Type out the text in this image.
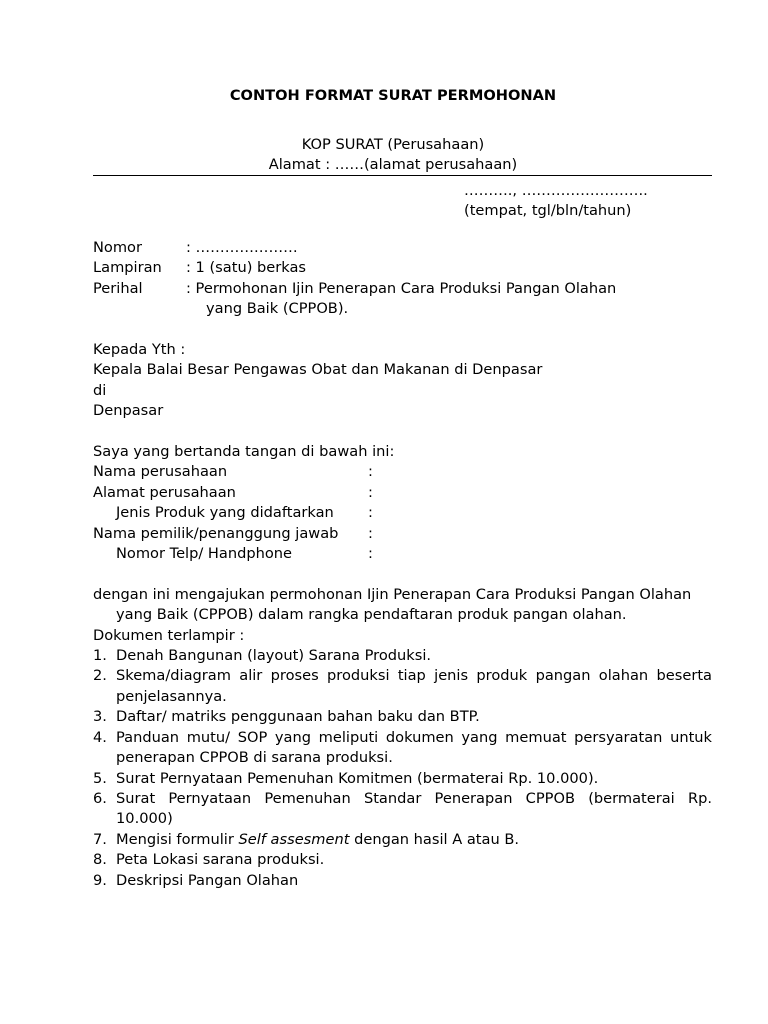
CONTOH FORMAT SURAT PERMOHONAN
KOP SURAT (Perusahaan)
Alamat : ……(alamat perusahaan)
………., ……………………..
(tempat, tgl/bln/tahun)
Nomor	: …………………
Lampiran	: 1 (satu) berkas
Perihal	: Permohonan Ijin Penerapan Cara Produksi Pangan Olahan
yang Baik (CPPOB).
Kepada Yth :
Kepala Balai Besar Pengawas Obat dan Makanan di Denpasar
di
Denpasar
Saya yang bertanda tangan di bawah ini:
Nama perusahaan	:
Alamat perusahaan	:
Jenis Produk yang didaftarkan	:
Nama pemilik/penanggung jawab	:
Nomor Telp/ Handphone	:

dengan ini mengajukan permohonan Ijin Penerapan Cara Produksi Pangan Olahan yang Baik (CPPOB) dalam rangka pendaftaran produk pangan olahan.

Dokumen terlampir :
1. Denah Bangunan (layout) Sarana Produksi.
2. Skema/diagram alir proses produksi tiap jenis produk pangan olahan beserta penjelasannya.
3. Daftar/ matriks penggunaan bahan baku dan BTP.
4. Panduan mutu/ SOP yang meliputi dokumen yang memuat persyaratan untuk penerapan CPPOB di sarana produksi.
5. Surat Pernyataan Pemenuhan Komitmen (bermaterai Rp. 10.000).
6. Surat Pernyataan Pemenuhan Standar Penerapan CPPOB (bermaterai Rp. 10.000)
7. Mengisi formulir Self assesment dengan hasil A atau B.
8. Peta Lokasi sarana produksi.
9. Deskripsi Pangan Olahan
